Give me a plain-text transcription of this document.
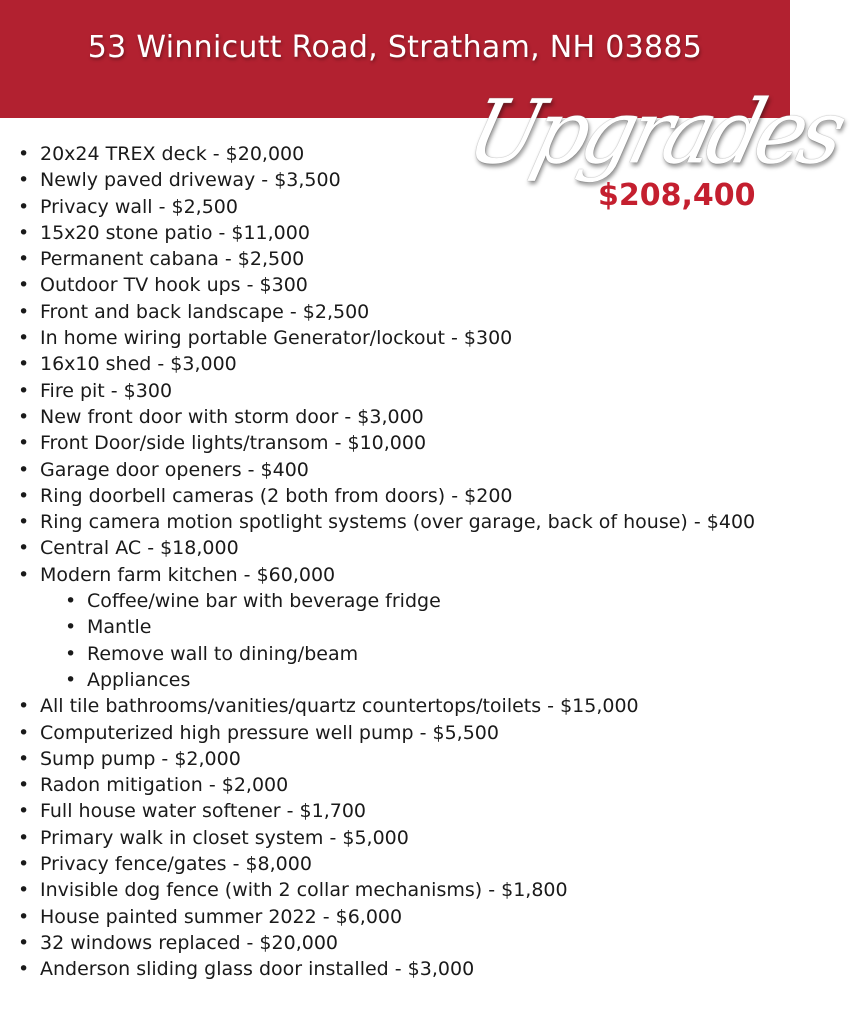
53 Winnicutt Road, Stratham, NH 03885
Upgrades
$208,400
• 20x24 TREX deck - $20,000
• Newly paved driveway - $3,500
• Privacy wall - $2,500
• 15x20 stone patio - $11,000
• Permanent cabana - $2,500
• Outdoor TV hook ups - $300
• Front and back landscape - $2,500
• In home wiring portable Generator/lockout - $300
• 16x10 shed - $3,000
• Fire pit - $300
• New front door with storm door - $3,000
• Front Door/side lights/transom - $10,000
• Garage door openers - $400
• Ring doorbell cameras (2 both from doors) - $200
• Ring camera motion spotlight systems (over garage, back of house) - $400
• Central AC - $18,000
• Modern farm kitchen - $60,000
• Coffee/wine bar with beverage fridge
• Mantle
• Remove wall to dining/beam
• Appliances
• All tile bathrooms/vanities/quartz countertops/toilets - $15,000
• Computerized high pressure well pump - $5,500
• Sump pump - $2,000
• Radon mitigation - $2,000
• Full house water softener - $1,700
• Primary walk in closet system - $5,000
• Privacy fence/gates - $8,000
• Invisible dog fence (with 2 collar mechanisms) - $1,800
• House painted summer 2022 - $6,000
• 32 windows replaced - $20,000
• Anderson sliding glass door installed - $3,000
